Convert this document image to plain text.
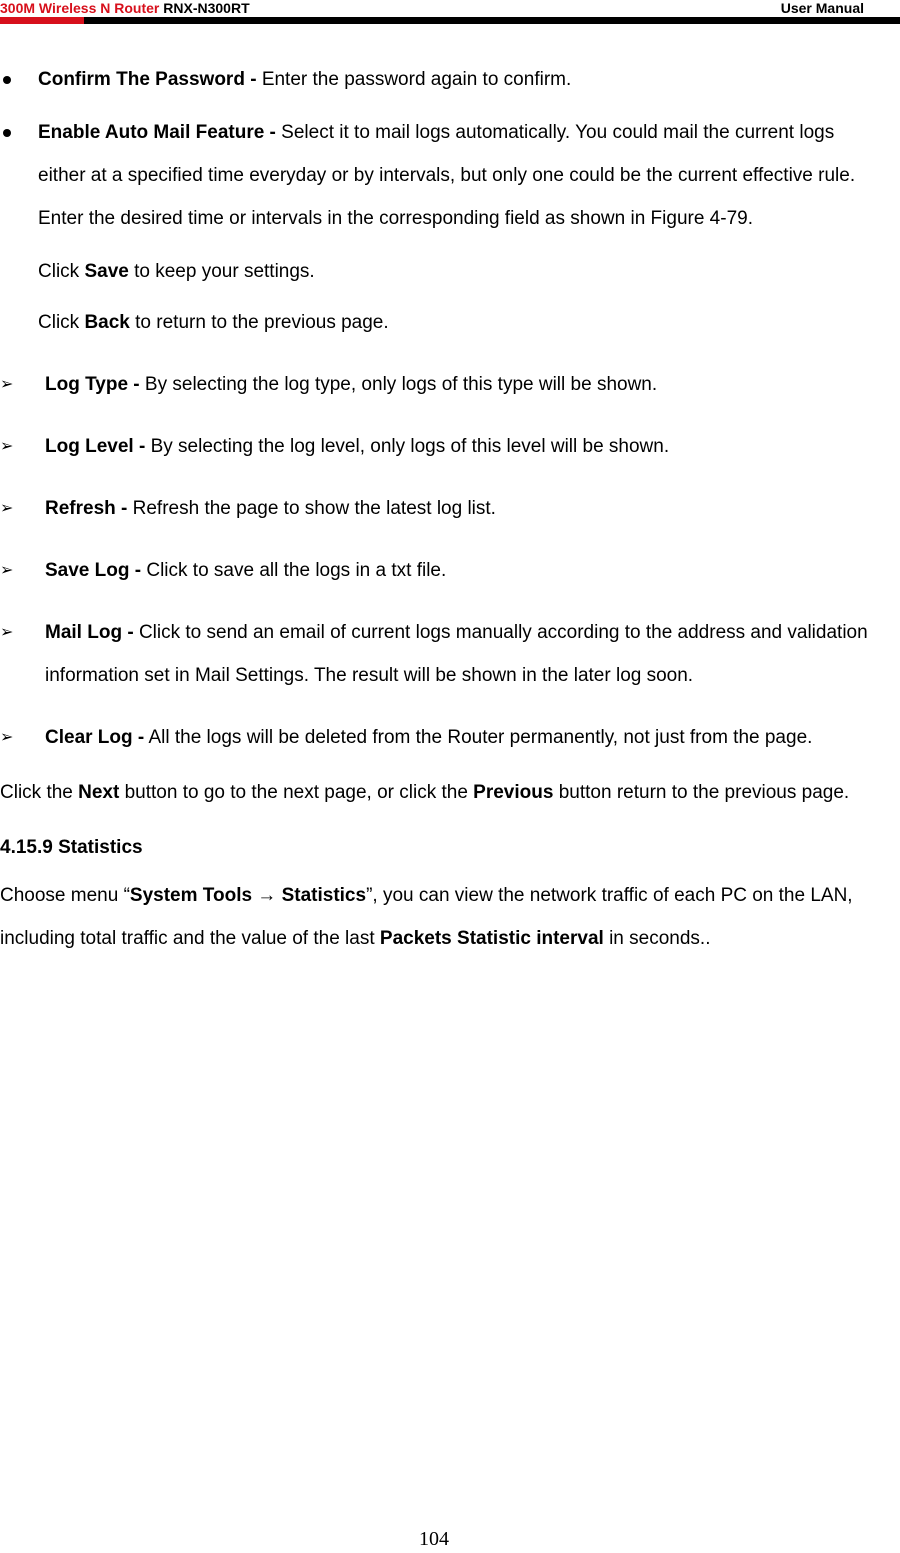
300M Wireless N Router RNX-N300RT	User Manual
Confirm The Password - Enter the password again to confirm.
Enable Auto Mail Feature - Select it to mail logs automatically. You could mail the current logs either at a specified time everyday or by intervals, but only one could be the current effective rule. Enter the desired time or intervals in the corresponding field as shown in Figure 4-79.
Click Save to keep your settings.
Click Back to return to the previous page.
➢ Log Type - By selecting the log type, only logs of this type will be shown.
➢ Log Level - By selecting the log level, only logs of this level will be shown.
➢ Refresh - Refresh the page to show the latest log list.
➢ Save Log - Click to save all the logs in a txt file.
➢ Mail Log - Click to send an email of current logs manually according to the address and validation information set in Mail Settings. The result will be shown in the later log soon.
➢ Clear Log - All the logs will be deleted from the Router permanently, not just from the page.
Click the Next button to go to the next page, or click the Previous button return to the previous page.
4.15.9 Statistics
Choose menu “System Tools → Statistics”, you can view the network traffic of each PC on the LAN, including total traffic and the value of the last Packets Statistic interval in seconds..
104
